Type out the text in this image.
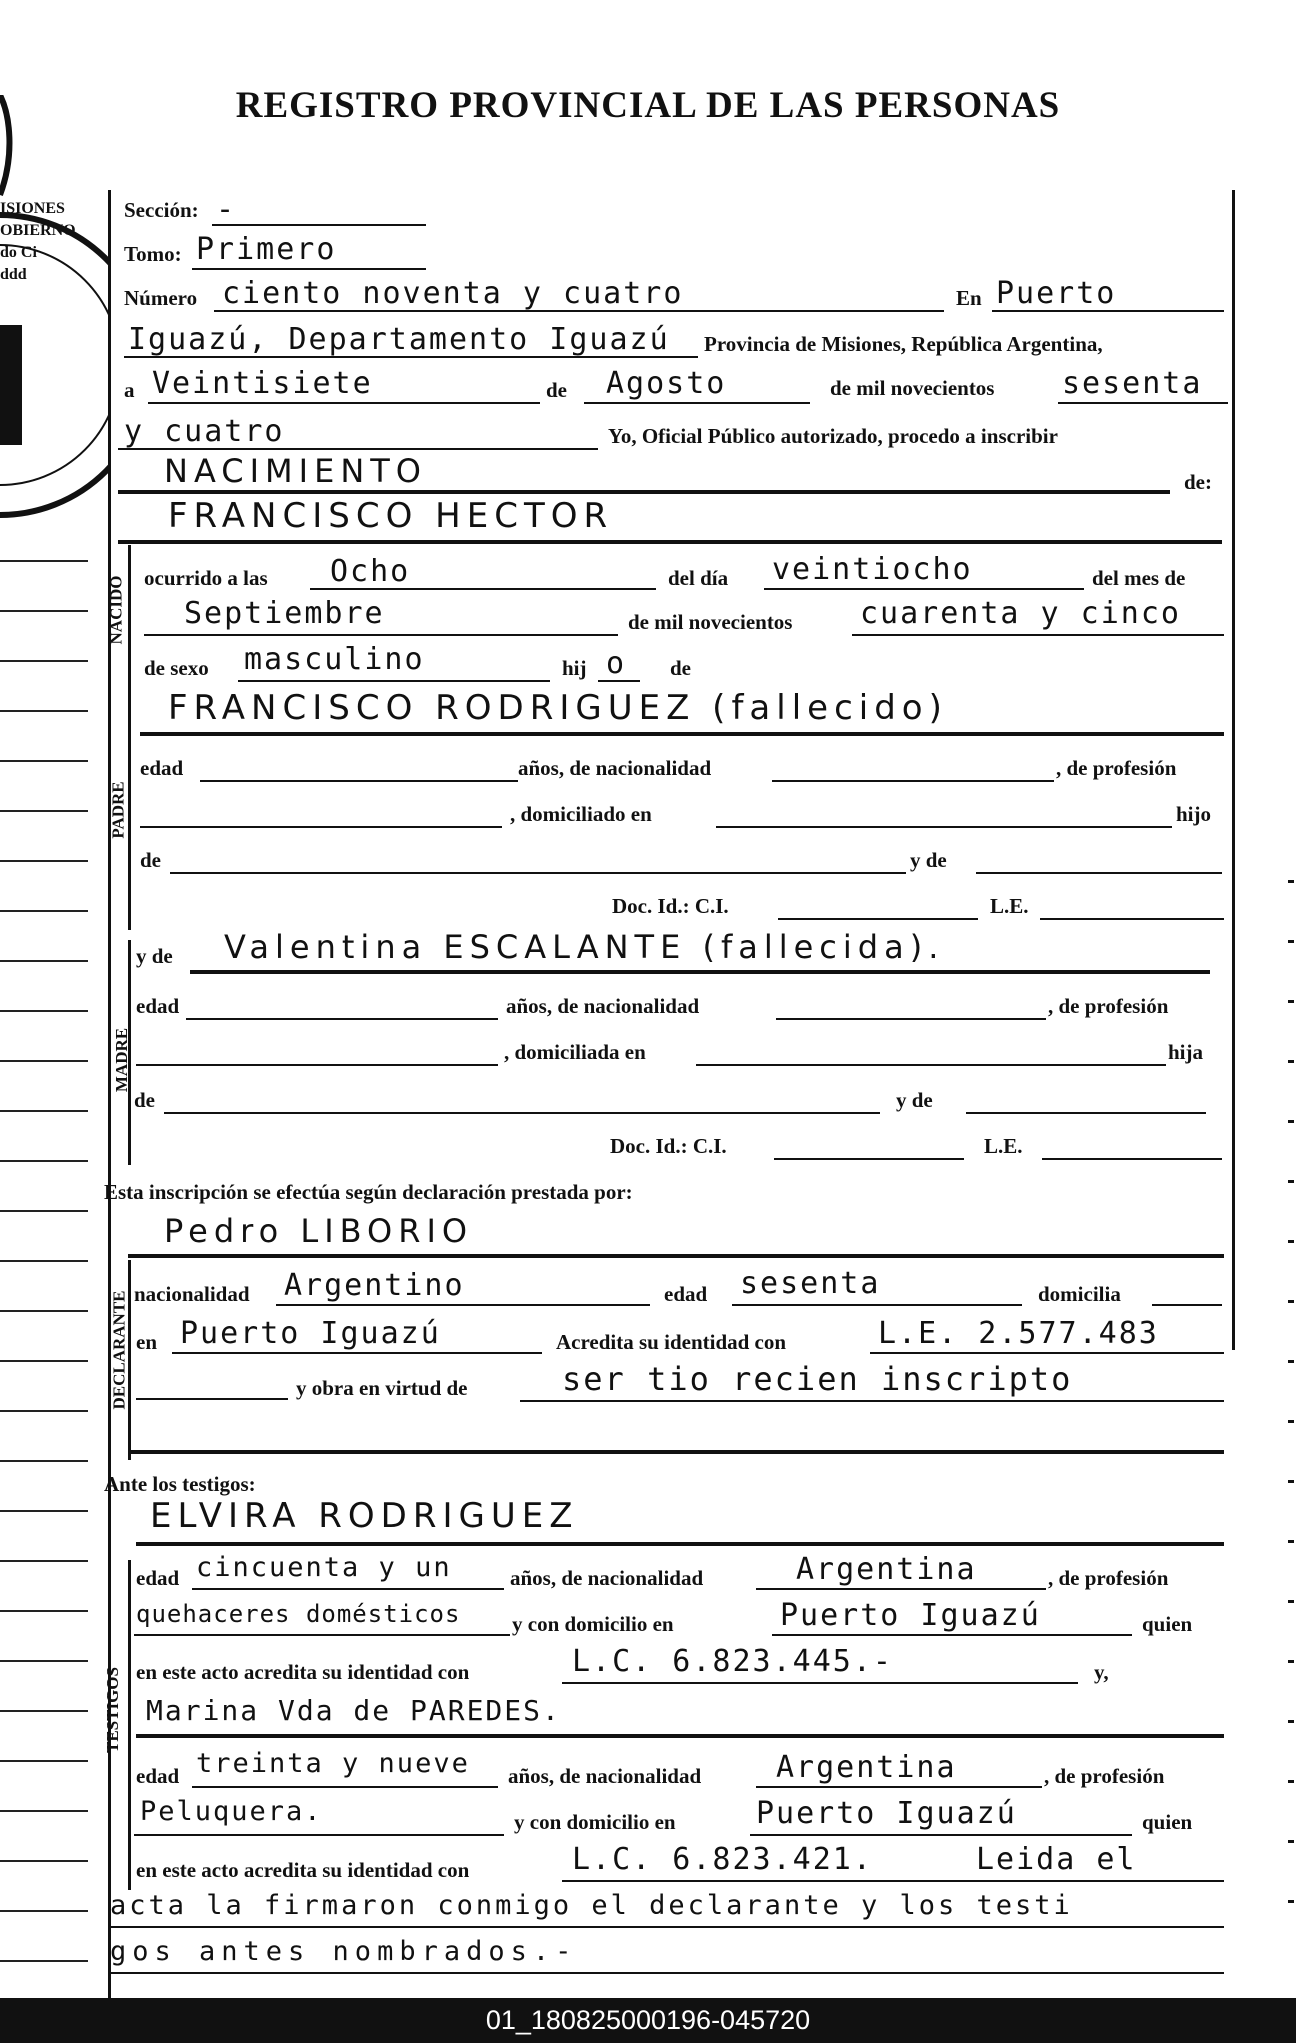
REGISTRO PROVINCIAL DE LAS PERSONAS
ISIONES
OBIERNO
do Ci
ddd
NACIDO
PADRE
MADRE
DECLARANTE
TESTIGOS
Sección: -
Tomo: Primero
Número ciento noventa y cuatro	En Puerto
Iguazú, Departamento Iguazú Provincia de Misiones, República Argentina,
a Veintisiete	de Agosto	de mil novecientos sesenta
y cuatro	Yo, Oficial Público autorizado, procedo a inscribir
NACIMIENTO	de:
FRANCISCO HECTOR
ocurrido a las Ocho	del día veintiocho	del mes de
Septiembre	de mil novecientos cuarenta y cinco
de sexo masculino	hij o de
FRANCISCO RODRIGUEZ (fallecido)
edad	años, de nacionalidad	, de profesión
, domiciliado en	hijo
de	y de
Doc. Id.: C.I.	L.E.
y de Valentina ESCALANTE (fallecida).
edad	años, de nacionalidad	, de profesión
, domiciliada en	hija
de	y de
Doc. Id.: C.I.	L.E.
Esta inscripción se efectúa según declaración prestada por:
Pedro LIBORIO
nacionalidad Argentino	edad sesenta	domicilia
en Puerto Iguazú	Acredita su identidad con	L.E. 2.577.483
y obra en virtud de	ser tio recien inscripto
Ante los testigos:
ELVIRA RODRIGUEZ
edad cincuenta y un	años, de nacionalidad	Argentina	, de profesión
quehaceres domésticos y con domicilio en	Puerto Iguazú	quien
en este acto acredita su identidad con	L.C. 6.823.445.-	y,
Marina Vda de PAREDES.
edad treinta y nueve años, de nacionalidad Argentina	, de profesión
Peluquera.	y con domicilio en	Puerto Iguazú	quien
en este acto acredita su identidad con	L.C. 6.823.421.	Leida el
acta la firmaron conmigo el declarante y los testi
gos antes nombrados.-
01_180825000196-045720
